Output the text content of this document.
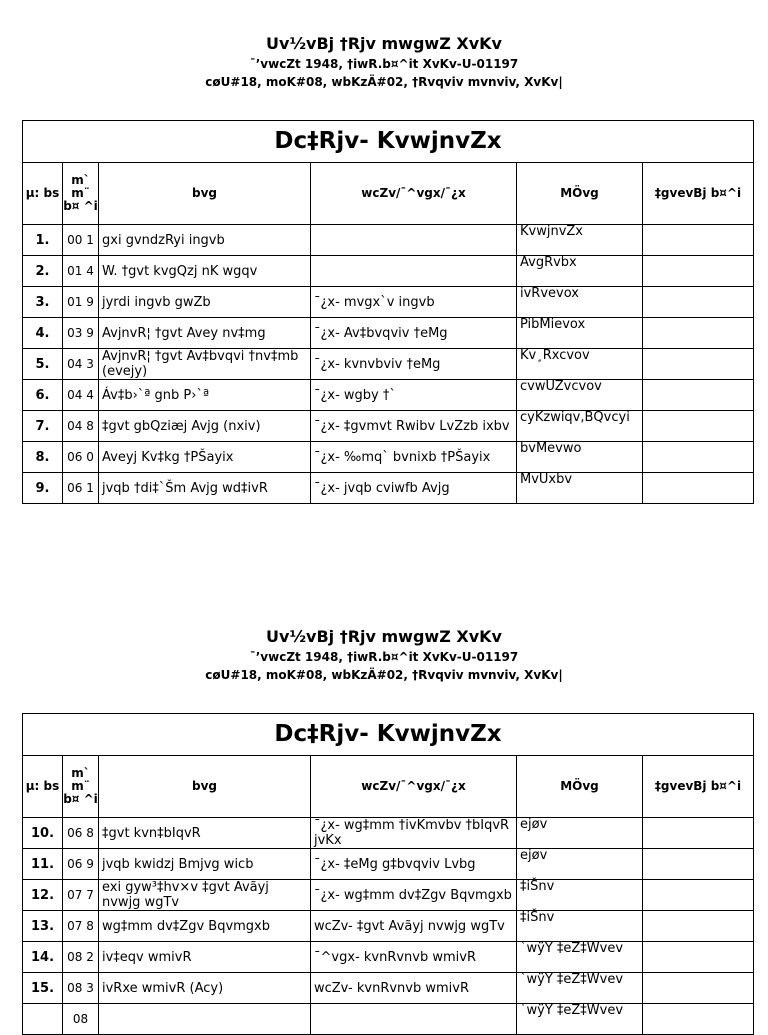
Uv½vBj †Rjv mwgwZ XvKv
¯’vwcZt 1948, †iwR.b¤^it XvKv-U-01197
cøU#18, moK#08, wbKzÄ#02, †Rvqviv mvnviv, XvKv|
Dc‡Rjv- KvwjnvZx					
µ: bs	m` m¨ b¤ ^i	bvg	wcZv/¯^vgx/¯¿x	MÖvg	‡gvevBj b¤^i
1.	00 1	gxi gvndzRyi ingvb		KvwjnvZx	
2.	01 4	W. †gvt kvgQzj nK wgqv		AvgRvbx	
3.	01 9	jyrdi ingvb gwZb	¯¿x- mvgx`v ingvb	ivRvevox	
4.	03 9	AvjnvR¦ †gvt Avey nv‡mg	¯¿x- Av‡bvqviv †eMg	PibMievox	
5.	04 3	AvjnvR¦ †gvt Av‡bvqvi †nv‡mb (evejy)	¯¿x- kvnvbviv †eMg	Kv¸Rxcvov	
6.	04 4	Áv‡b›`ª gnb P›`ª	¯¿x- wgby †`	cvwUZvcvov	
7.	04 8	‡gvt gbQziæj Avjg (nxiv)	¯¿x- ‡gvmvt Rwibv LvZzb ixbv	cyKzwiqv,BQvcyi	
8.	06 0	Aveyj Kv‡kg †PŠayix	¯¿x- ‰mq` bvnixb †PŠayix	bvMevwo	
9.	06 1	jvqb †di‡`Šm Avjg wd‡ivR	¯¿x- jvqb cviwfb Avjg	MvUxbv	
Uv½vBj †Rjv mwgwZ XvKv
¯’vwcZt 1948, †iwR.b¤^it XvKv-U-01197
cøU#18, moK#08, wbKzÄ#02, †Rvqviv mvnviv, XvKv|
Dc‡Rjv- KvwjnvZx					
µ: bs	m` m¨ b¤ ^i	bvg	wcZv/¯^vgx/¯¿x	MÖvg	‡gvevBj b¤^i
10.	06 8	‡gvt kvn‡bIqvR	¯¿x- wg‡mm †ivKmvbv †bIqvR jvKx	ejøv	
11.	06 9	jvqb kwidzj Bmjvg wicb	¯¿x- ‡eMg g‡bvqviv Lvbg	ejøv	
12.	07 7	exi gyw³‡hv×v ‡gvt Avãyj nvwjg wgTv	¯¿x- wg‡mm dv‡Zgv Bqvmgxb	‡iŠnv	
13.	07 8	wg‡mm dv‡Zgv Bqvmgxb	wcZv- ‡gvt Avãyj nvwjg wgTv	‡iŠnv	
14.	08 2	iv‡eqv wmivR	¯^vgx- kvnRvnvb wmivR	`wÿY ‡eZ‡Wvev	
15.	08 3	ivRxe wmivR (Acy)	wcZv- kvnRvnvb wmivR	`wÿY ‡eZ‡Wvev	
	08			`wÿY ‡eZ‡Wvev	
